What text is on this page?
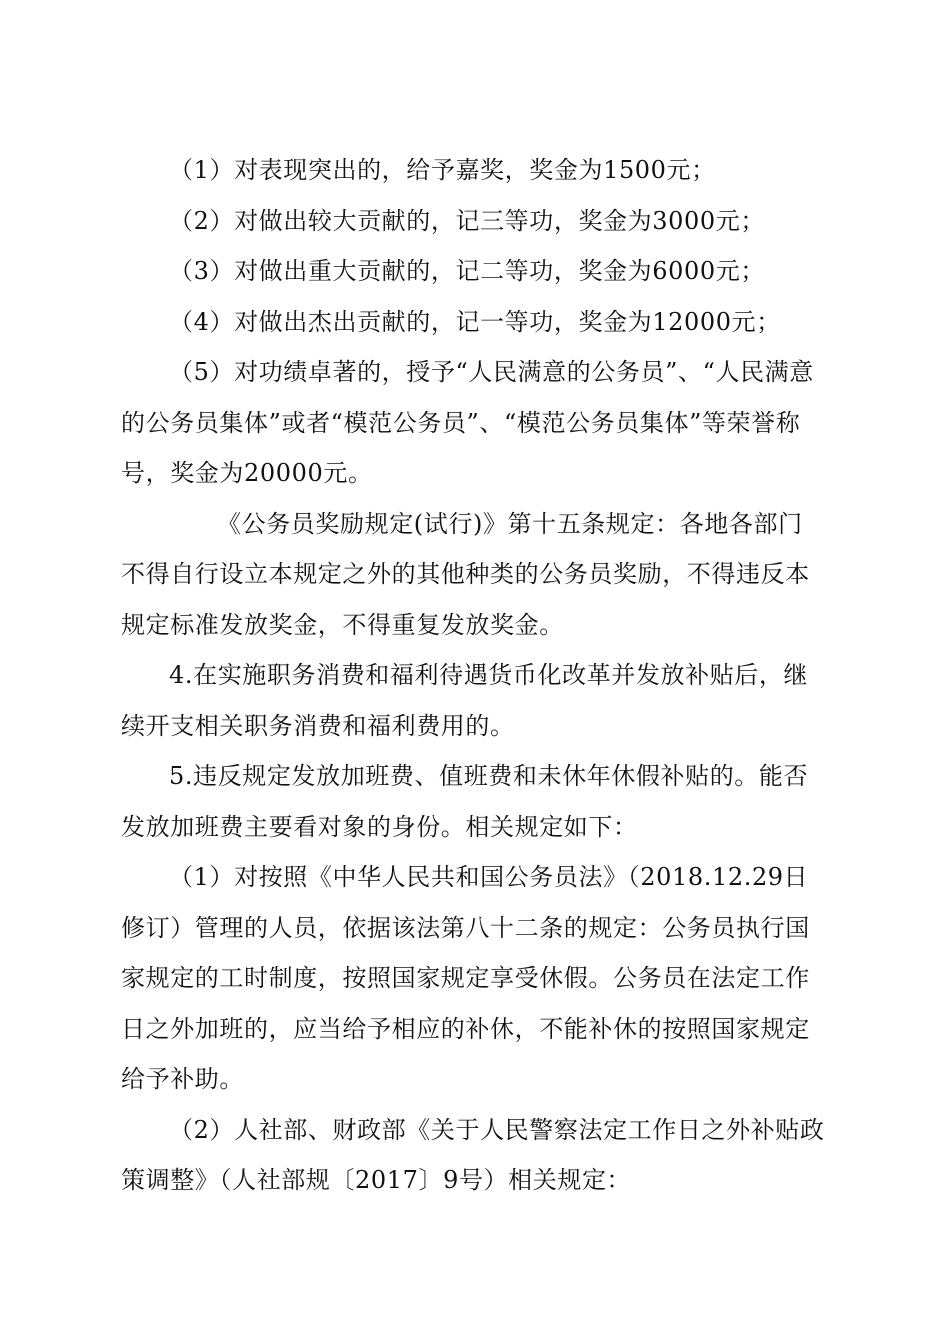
（1）对表现突出的，给予嘉奖，奖金为1500元；

（2）对做出较大贡献的，记三等功，奖金为3000元；

（3）对做出重大贡献的，记二等功，奖金为6000元；

（4）对做出杰出贡献的，记一等功，奖金为12000元；

（5）对功绩卓著的，授予“人民满意的公务员”、“人民满意的公务员集体”或者“模范公务员”、“模范公务员集体”等荣誉称号，奖金为20000元。

《公务员奖励规定(试行)》第十五条规定：各地各部门不得自行设立本规定之外的其他种类的公务员奖励，不得违反本规定标准发放奖金，不得重复发放奖金。

4.在实施职务消费和福利待遇货币化改革并发放补贴后，继续开支相关职务消费和福利费用的。

5.违反规定发放加班费、值班费和未休年休假补贴的。能否发放加班费主要看对象的身份。相关规定如下：

（1）对按照《中华人民共和国公务员法》（2018.12.29日修订）管理的人员，依据该法第八十二条的规定：公务员执行国家规定的工时制度，按照国家规定享受休假。公务员在法定工作日之外加班的，应当给予相应的补休，不能补休的按照国家规定给予补助。

（2）人社部、财政部《关于人民警察法定工作日之外补贴政策调整》（人社部规〔2017〕9号）相关规定：
